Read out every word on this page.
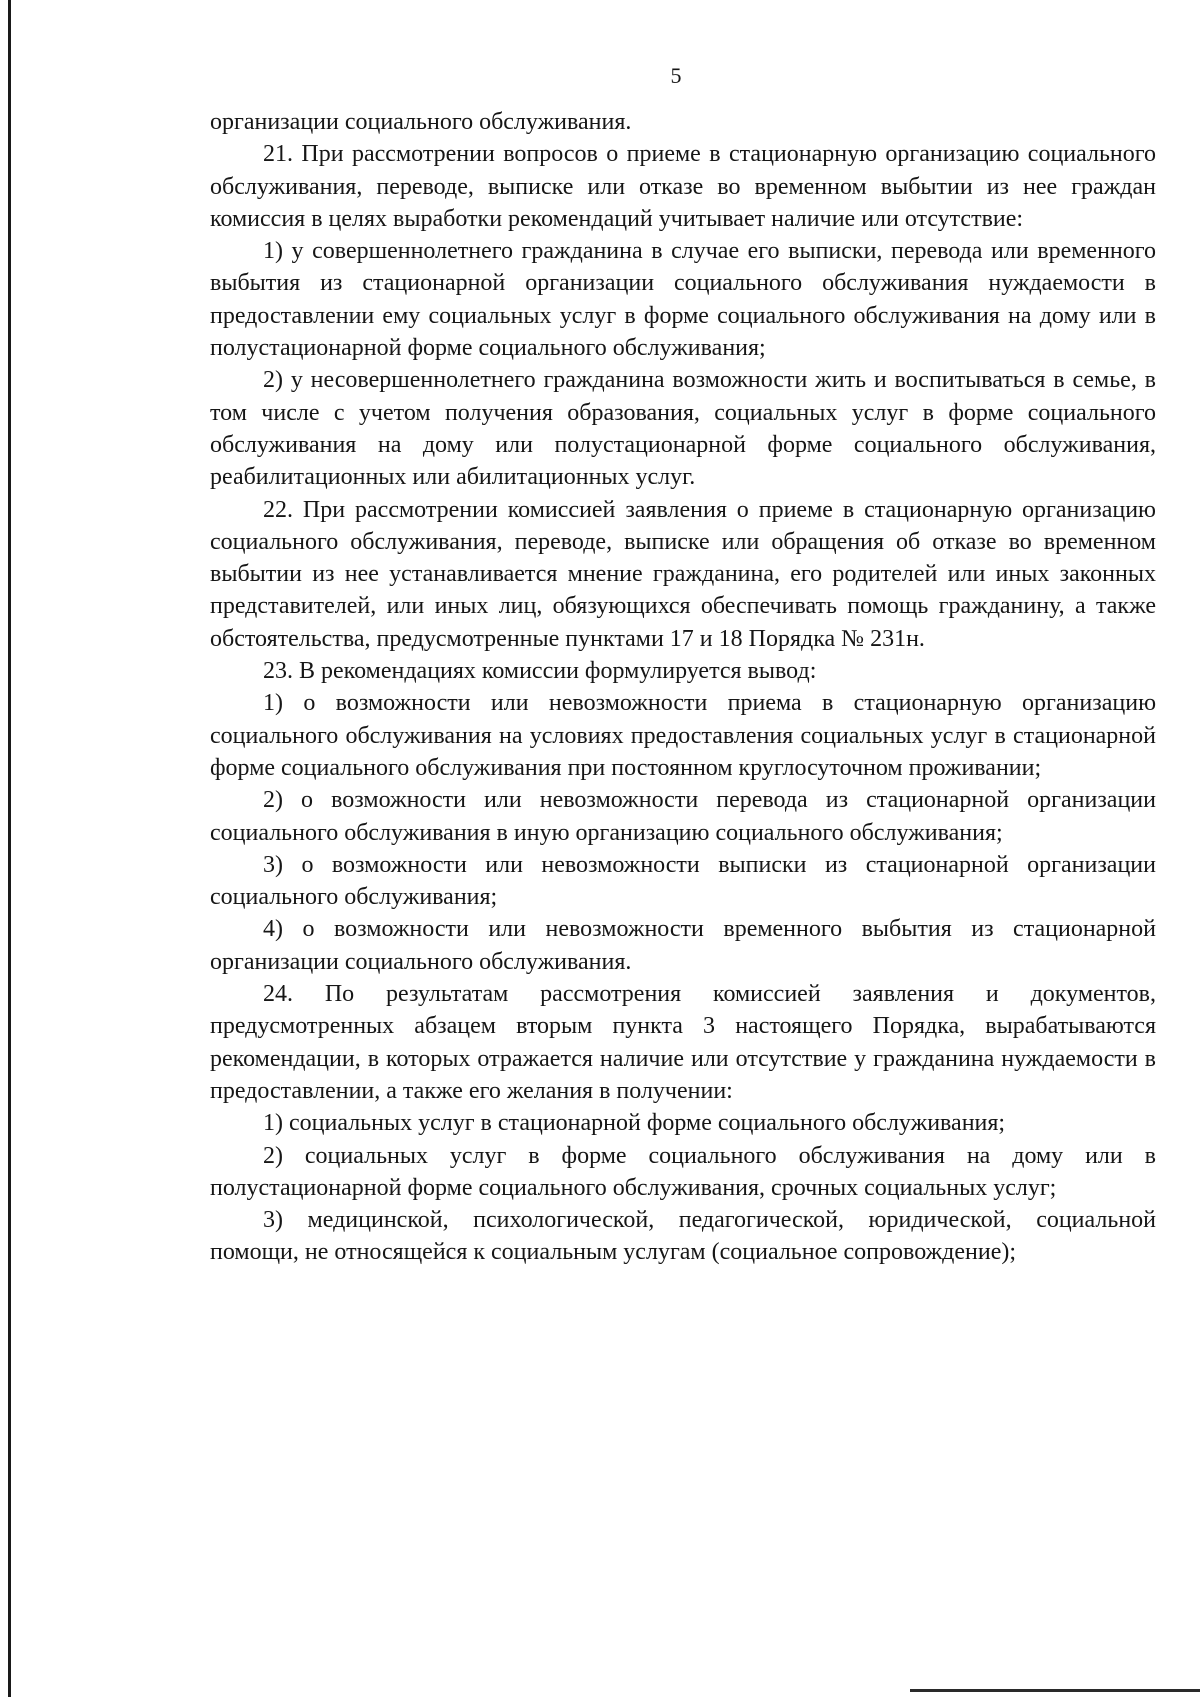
5

организации социального обслуживания.

21. При рассмотрении вопросов о приеме в стационарную организацию социального обслуживания, переводе, выписке или отказе во временном выбытии из нее граждан комиссия в целях выработки рекомендаций учитывает наличие или отсутствие:

1) у совершеннолетнего гражданина в случае его выписки, перевода или временного выбытия из стационарной организации социального обслуживания нуждаемости в предоставлении ему социальных услуг в форме социального обслуживания на дому или в полустационарной форме социального обслуживания;

2) у несовершеннолетнего гражданина возможности жить и воспитываться в семье, в том числе с учетом получения образования, социальных услуг в форме социального обслуживания на дому или полустационарной форме социального обслуживания, реабилитационных или абилитационных услуг.

22. При рассмотрении комиссией заявления о приеме в стационарную организацию социального обслуживания, переводе, выписке или обращения об отказе во временном выбытии из нее устанавливается мнение гражданина, его родителей или иных законных представителей, или иных лиц, обязующихся обеспечивать помощь гражданину, а также обстоятельства, предусмотренные пунктами 17 и 18 Порядка № 231н.

23. В рекомендациях комиссии формулируется вывод:

1) о возможности или невозможности приема в стационарную организацию социального обслуживания на условиях предоставления социальных услуг в стационарной форме социального обслуживания при постоянном круглосуточном проживании;

2) о возможности или невозможности перевода из стационарной организации социального обслуживания в иную организацию социального обслуживания;

3) о возможности или невозможности выписки из стационарной организации социального обслуживания;

4) о возможности или невозможности временного выбытия из стационарной организации социального обслуживания.

24. По результатам рассмотрения комиссией заявления и документов, предусмотренных абзацем вторым пункта 3 настоящего Порядка, вырабатываются рекомендации, в которых отражается наличие или отсутствие у гражданина нуждаемости в предоставлении, а также его желания в получении:

1) социальных услуг в стационарной форме социального обслуживания;

2) социальных услуг в форме социального обслуживания на дому или в полустационарной форме социального обслуживания, срочных социальных услуг;

3) медицинской, психологической, педагогической, юридической, социальной помощи, не относящейся к социальным услугам (социальное сопровождение);
